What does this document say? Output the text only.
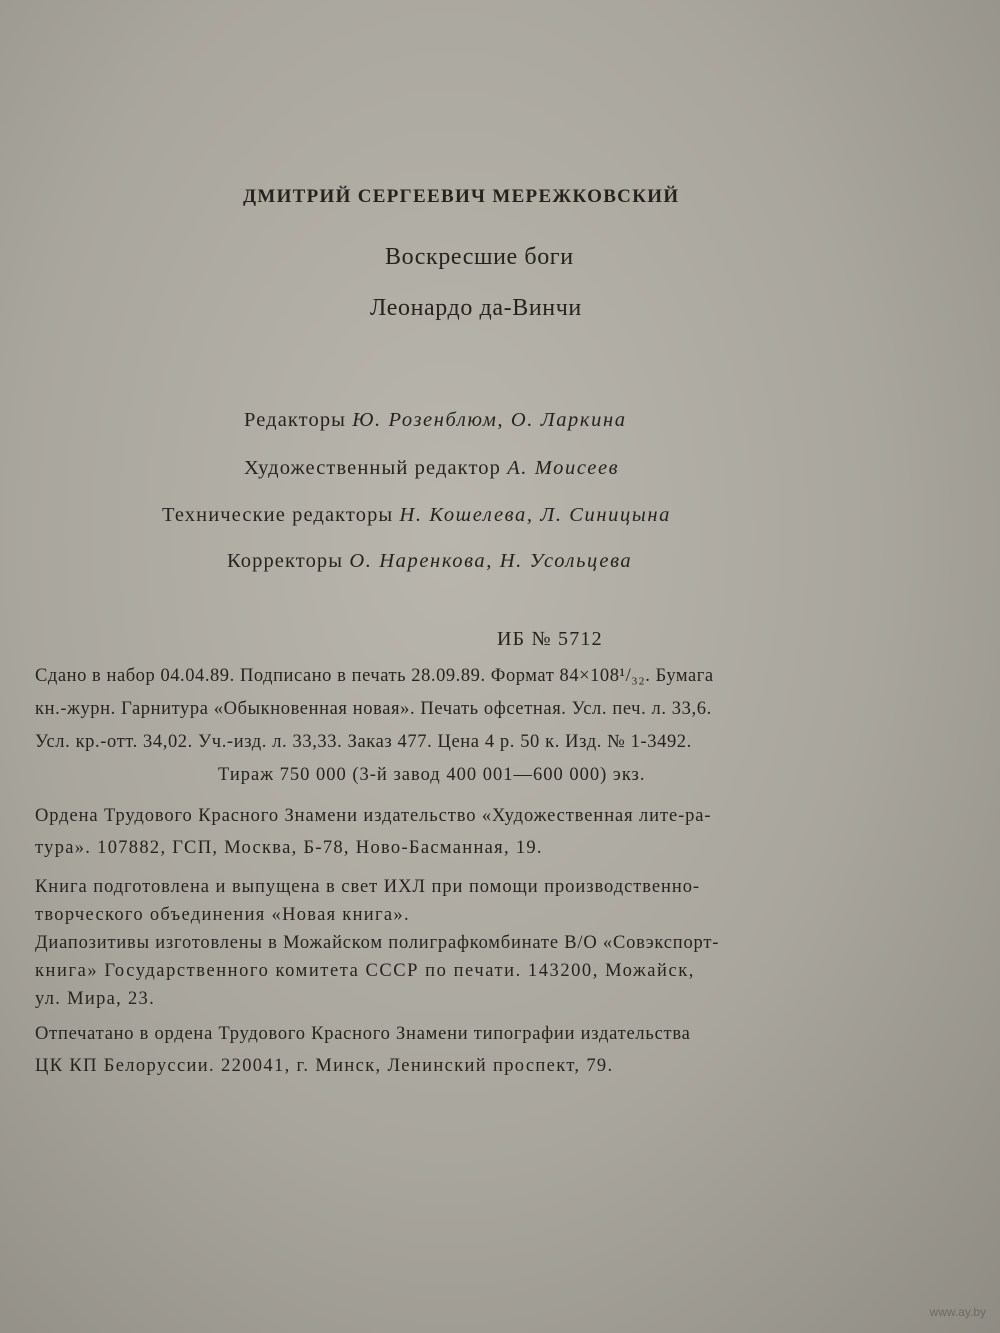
ДМИТРИЙ СЕРГЕЕВИЧ МЕРЕЖКОВСКИЙ

Воскресшие боги

Леонардо да-Винчи

Редакторы Ю. Розенблюм, О. Ларкина

Художественный редактор А. Моисеев

Технические редакторы Н. Кошелева, Л. Синицына

Корректоры О. Наренкова, Н. Усольцева

ИБ № 5712

Сдано в набор 04.04.89. Подписано в печать 28.09.89. Формат 84×108¹/₃₂. Бумага

кн.-журн. Гарнитура «Обыкновенная новая». Печать офсетная. Усл. печ. л. 33,6.

Усл. кр.-отт. 34,02. Уч.-изд. л. 33,33. Заказ 477. Цена 4 р. 50 к. Изд. № 1-3492.

Тираж 750 000 (3-й завод 400 001—600 000) экз.

Ордена Трудового Красного Знамени издательство «Художественная лите-ра-

тура». 107882, ГСП, Москва, Б-78, Ново-Басманная, 19.

Книга подготовлена и выпущена в свет ИХЛ при помощи производственно-

творческого объединения «Новая книга».

Диапозитивы изготовлены в Можайском полиграфкомбинате В/О «Совэкспорт-

книга» Государственного комитета СССР по печати. 143200, Можайск,

ул. Мира, 23.

Отпечатано в ордена Трудового Красного Знамени типографии издательства

ЦК КП Белоруссии. 220041, г. Минск, Ленинский проспект, 79.

www.ay.by
